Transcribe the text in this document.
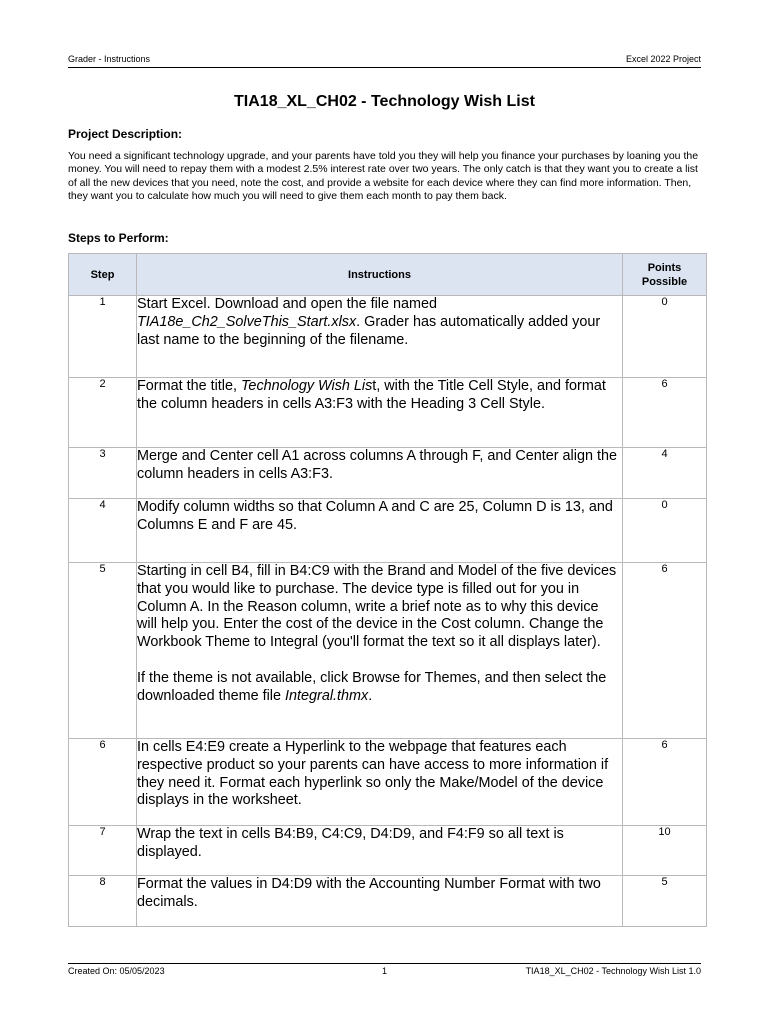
Grader - Instructions	Excel 2022 Project
TIA18_XL_CH02 - Technology Wish List
Project Description:
You need a significant technology upgrade, and your parents have told you they will help you finance your purchases by loaning you the money. You will need to repay them with a modest 2.5% interest rate over two years. The only catch is that they want you to create a list of all the new devices that you need, note the cost, and provide a website for each device where they can find more information. Then, they want you to calculate how much you will need to give them each month to pay them back.
Steps to Perform:
Step	Instructions	Points Possible
1	Start Excel. Download and open the file named TIA18e_Ch2_SolveThis_Start.xlsx. Grader has automatically added your last name to the beginning of the filename.	0
2	Format the title, Technology Wish List, with the Title Cell Style, and format the column headers in cells A3:F3 with the Heading 3 Cell Style.	6
3	Merge and Center cell A1 across columns A through F, and Center align the column headers in cells A3:F3.	4
4	Modify column widths so that Column A and C are 25, Column D is 13, and Columns E and F are 45.	0
5	Starting in cell B4, fill in B4:C9 with the Brand and Model of the five devices that you would like to purchase. The device type is filled out for you in Column A. In the Reason column, write a brief note as to why this device will help you. Enter the cost of the device in the Cost column. Change the Workbook Theme to Integral (you'll format the text so it all displays later).
If the theme is not available, click Browse for Themes, and then select the downloaded theme file Integral.thmx.	6
6	In cells E4:E9 create a Hyperlink to the webpage that features each respective product so your parents can have access to more information if they need it. Format each hyperlink so only the Make/Model of the device displays in the worksheet.	6
7	Wrap the text in cells B4:B9, C4:C9, D4:D9, and F4:F9 so all text is displayed.	10
8	Format the values in D4:D9 with the Accounting Number Format with two decimals.	5
Created On: 05/05/2023	1	TIA18_XL_CH02 - Technology Wish List 1.0
